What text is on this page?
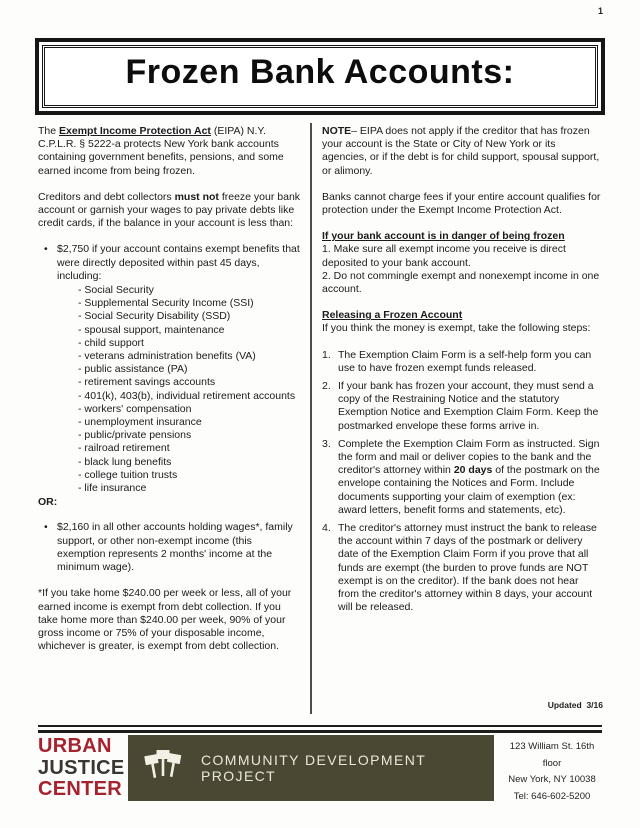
1
Frozen Bank Accounts:

The Exempt Income Protection Act (EIPA) N.Y. C.P.L.R. § 5222-a protects New York bank accounts containing government benefits, pensions, and some earned income from being frozen.

Creditors and debt collectors must not freeze your bank account or garnish your wages to pay private debts like credit cards, if the balance in your account is less than:

• $2,750 if your account contains exempt benefits that were directly deposited within past 45 days, including:
- Social Security
- Supplemental Security Income (SSI)
- Social Security Disability (SSD)
- spousal support, maintenance
- child support
- veterans administration benefits (VA)
- public assistance (PA)
- retirement savings accounts
- 401(k), 403(b), individual retirement accounts
- workers' compensation
- unemployment insurance
- public/private pensions
- railroad retirement
- black lung benefits
- college tuition trusts
- life insurance
OR:
• $2,160 in all other accounts holding wages*, family support, or other non-exempt income (this exemption represents 2 months' income at the minimum wage).

*If you take home $240.00 per week or less, all of your earned income is exempt from debt collection. If you take home more than $240.00 per week, 90% of your gross income or 75% of your disposable income, whichever is greater, is exempt from debt collection.

NOTE– EIPA does not apply if the creditor that has frozen your account is the State or City of New York or its agencies, or if the debt is for child support, spousal support, or alimony.

Banks cannot charge fees if your entire account qualifies for protection under the Exempt Income Protection Act.

If your bank account is in danger of being frozen

1. Make sure all exempt income you receive is direct deposited to your bank account.

2. Do not commingle exempt and nonexempt income in one account.

Releasing a Frozen Account

If you think the money is exempt, take the following steps:

1. The Exemption Claim Form is a self-help form you can use to have frozen exempt funds released.
2. If your bank has frozen your account, they must send a copy of the Restraining Notice and the statutory Exemption Notice and Exemption Claim Form. Keep the postmarked envelope these forms arrive in.
3. Complete the Exemption Claim Form as instructed. Sign the form and mail or deliver copies to the bank and the creditor's attorney within 20 days of the postmark on the envelope containing the Notices and Form. Include documents supporting your claim of exemption (ex: award letters, benefit forms and statements, etc).
4. The creditor's attorney must instruct the bank to release the account within 7 days of the postmark or delivery date of the Exemption Claim Form if you prove that all funds are exempt (the burden to prove funds are NOT exempt is on the creditor). If the bank does not hear from the creditor's attorney within 8 days, your account will be released.
Updated  3/16
URBAN
JUSTICE
CENTER
COMMUNITY DEVELOPMENT PROJECT
123 William St. 16th
floor
New York, NY 10038
Tel: 646-602-5200
